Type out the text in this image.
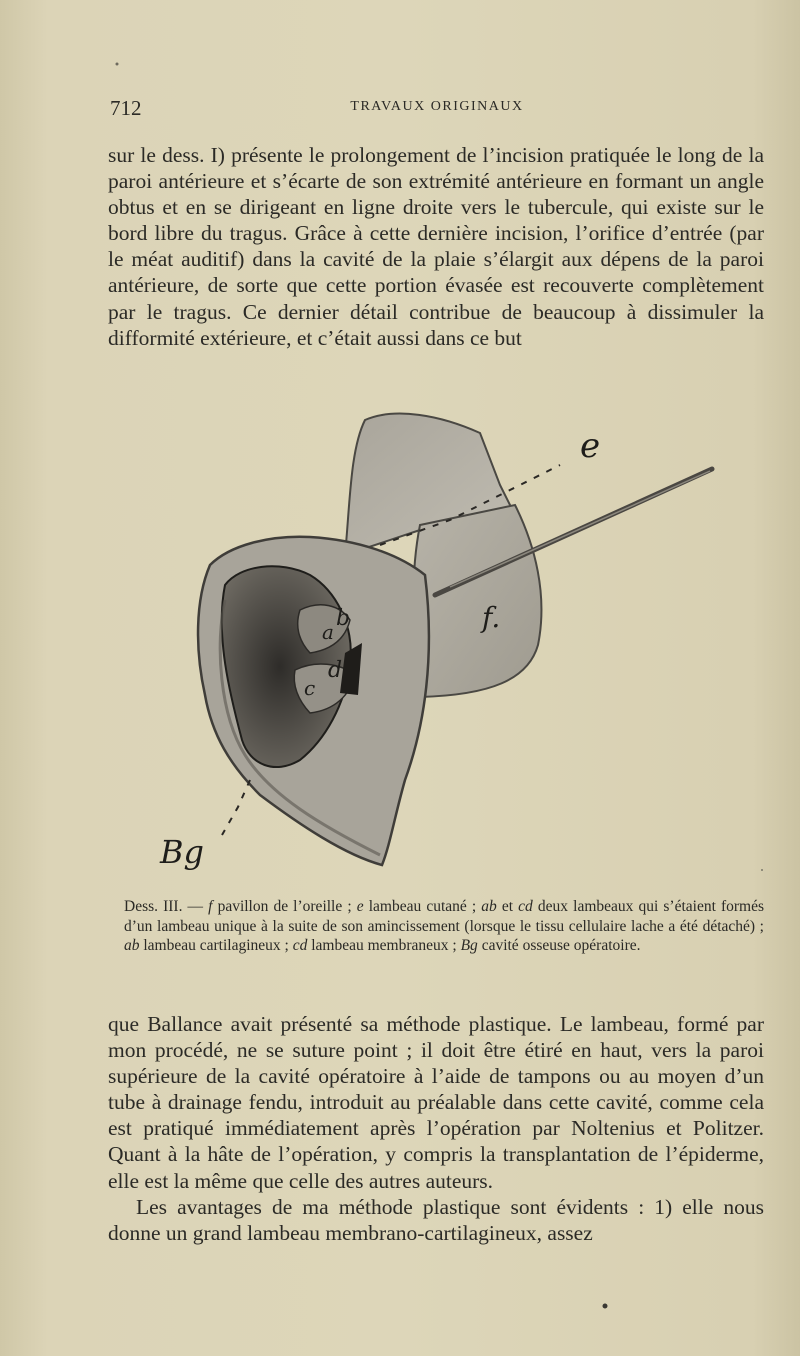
712	TRAVAUX ORIGINAUX

sur le dess. I) présente le prolongement de l’incision pratiquée le long de la paroi antérieure et s’écarte de son extrémité antérieure en formant un angle obtus et en se dirigeant en ligne droite vers le tubercule, qui existe sur le bord libre du tragus. Grâce à cette dernière incision, l’orifice d’entrée (par le méat auditif) dans la cavité de la plaie s’élargit aux dépens de la paroi antérieure, de sorte que cette portion évasée est recouverte complètement par le tragus. Ce dernier détail contribue de beaucoup à dissimuler la difformité extérieure, et c’était aussi dans ce but

e
f.
a
b
c
d
Bg
Dess. III. — f pavillon de l’oreille ; e lambeau cutané ; ab et cd deux lambeaux qui s’étaient formés d’un lambeau unique à la suite de son amincissement (lorsque le tissu cellulaire lache a été détaché) ; ab lambeau cartilagineux ; cd lambeau membraneux ; Bg cavité osseuse opératoire.

que Ballance avait présenté sa méthode plastique. Le lambeau, formé par mon procédé, ne se suture point ; il doit être étiré en haut, vers la paroi supérieure de la cavité opératoire à l’aide de tampons ou au moyen d’un tube à drainage fendu, introduit au préalable dans cette cavité, comme cela est pratiqué immédiatement après l’opération par Noltenius et Politzer. Quant à la hâte de l’opération, y compris la transplantation de l’épiderme, elle est la même que celle des autres auteurs.

Les avantages de ma méthode plastique sont évidents : 1) elle nous donne un grand lambeau membrano-cartilagineux, assez
